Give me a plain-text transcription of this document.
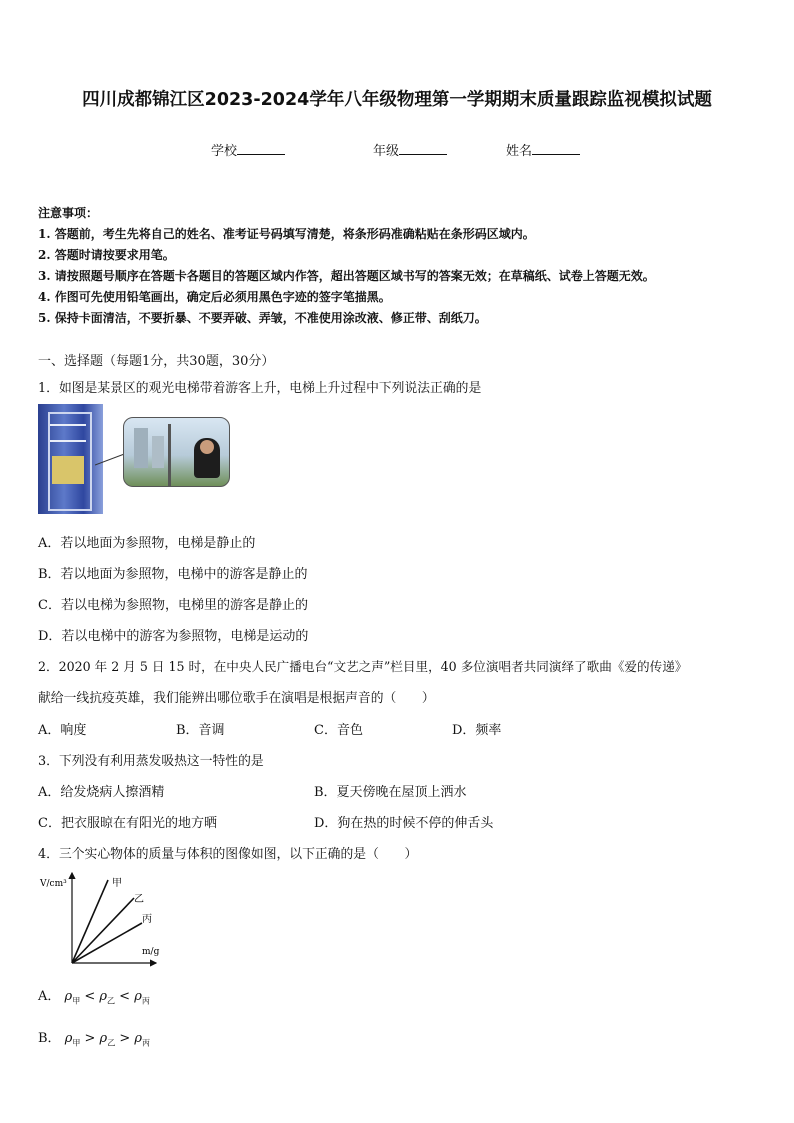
四川成都锦江区2023-2024学年八年级物理第一学期期末质量跟踪监视模拟试题
学校	年级	姓名
注意事项：
1. 答题前，考生先将自己的姓名、准考证号码填写清楚，将条形码准确粘贴在条形码区域内。
2. 答题时请按要求用笔。
3. 请按照题号顺序在答题卡各题目的答题区域内作答，超出答题区域书写的答案无效；在草稿纸、试卷上答题无效。
4. 作图可先使用铅笔画出，确定后必须用黑色字迹的签字笔描黑。
5. 保持卡面清洁，不要折暴、不要弄破、弄皱，不准使用涂改液、修正带、刮纸刀。
一、选择题（每题1分，共30题，30分）
1．如图是某景区的观光电梯带着游客上升，电梯上升过程中下列说法正确的是
A．若以地面为参照物，电梯是静止的
B．若以地面为参照物，电梯中的游客是静止的
C．若以电梯为参照物，电梯里的游客是静止的
D．若以电梯中的游客为参照物，电梯是运动的
2．2020 年 2 月 5 日 15 时，在中央人民广播电台“文艺之声”栏目里，40 多位演唱者共同演绎了歌曲《爱的传递》
献给一线抗疫英雄，我们能辨出哪位歌手在演唱是根据声音的（　　）
A．响度	B．音调	C．音色	D．频率
3．下列没有利用蒸发吸热这一特性的是
A．给发烧病人擦酒精	B．夏天傍晚在屋顶上洒水
C．把衣服晾在有阳光的地方晒	D．狗在热的时候不停的伸舌头
4．三个实心物体的质量与体积的图像如图，以下正确的是（　　）
V/cm³
m/g
甲
乙
丙
A． $\rho_甲 < \rho_乙 < \rho_丙$
B． $\rho_甲 > \rho_乙 > \rho_丙$
